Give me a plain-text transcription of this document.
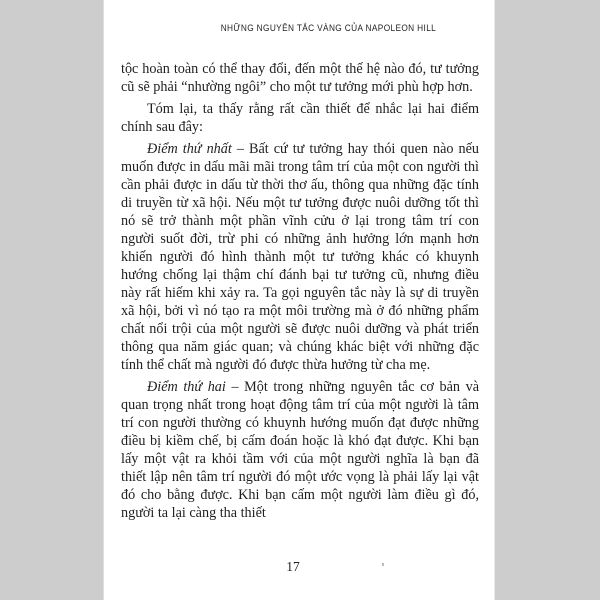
NHỮNG NGUYÊN TẮC VÀNG CỦA NAPOLEON HILL

tộc hoàn toàn có thể thay đổi, đến một thế hệ nào đó, tư tưởng cũ sẽ phải “nhường ngôi” cho một tư tưởng mới phù hợp hơn.

Tóm lại, ta thấy rằng rất cần thiết để nhắc lại hai điểm chính sau đây:

Điểm thứ nhất – Bất cứ tư tưởng hay thói quen nào nếu muốn được in dấu mãi mãi trong tâm trí của một con người thì cần phải được in dấu từ thời thơ ấu, thông qua những đặc tính di truyền từ xã hội. Nếu một tư tưởng được nuôi dưỡng tốt thì nó sẽ trở thành một phần vĩnh cửu ở lại trong tâm trí con người suốt đời, trừ phi có những ảnh hưởng lớn mạnh hơn khiến người đó hình thành một tư tưởng khác có khuynh hướng chống lại thậm chí đánh bại tư tưởng cũ, nhưng điều này rất hiếm khi xảy ra. Ta gọi nguyên tắc này là sự di truyền xã hội, bởi vì nó tạo ra một môi trường mà ở đó những phẩm chất nổi trội của một người sẽ được nuôi dưỡng và phát triển thông qua năm giác quan; và chúng khác biệt với những đặc tính thể chất mà người đó được thừa hưởng từ cha mẹ.

Điểm thứ hai – Một trong những nguyên tắc cơ bản và quan trọng nhất trong hoạt động tâm trí của một người là tâm trí con người thường có khuynh hướng muốn đạt được những điều bị kiềm chế, bị cấm đoán hoặc là khó đạt được. Khi bạn lấy một vật ra khỏi tầm với của một người nghĩa là bạn đã thiết lập nên tâm trí người đó một ước vọng là phải lấy lại vật đó cho bằng được. Khi bạn cấm một người làm điều gì đó, người ta lại càng tha thiết

17
